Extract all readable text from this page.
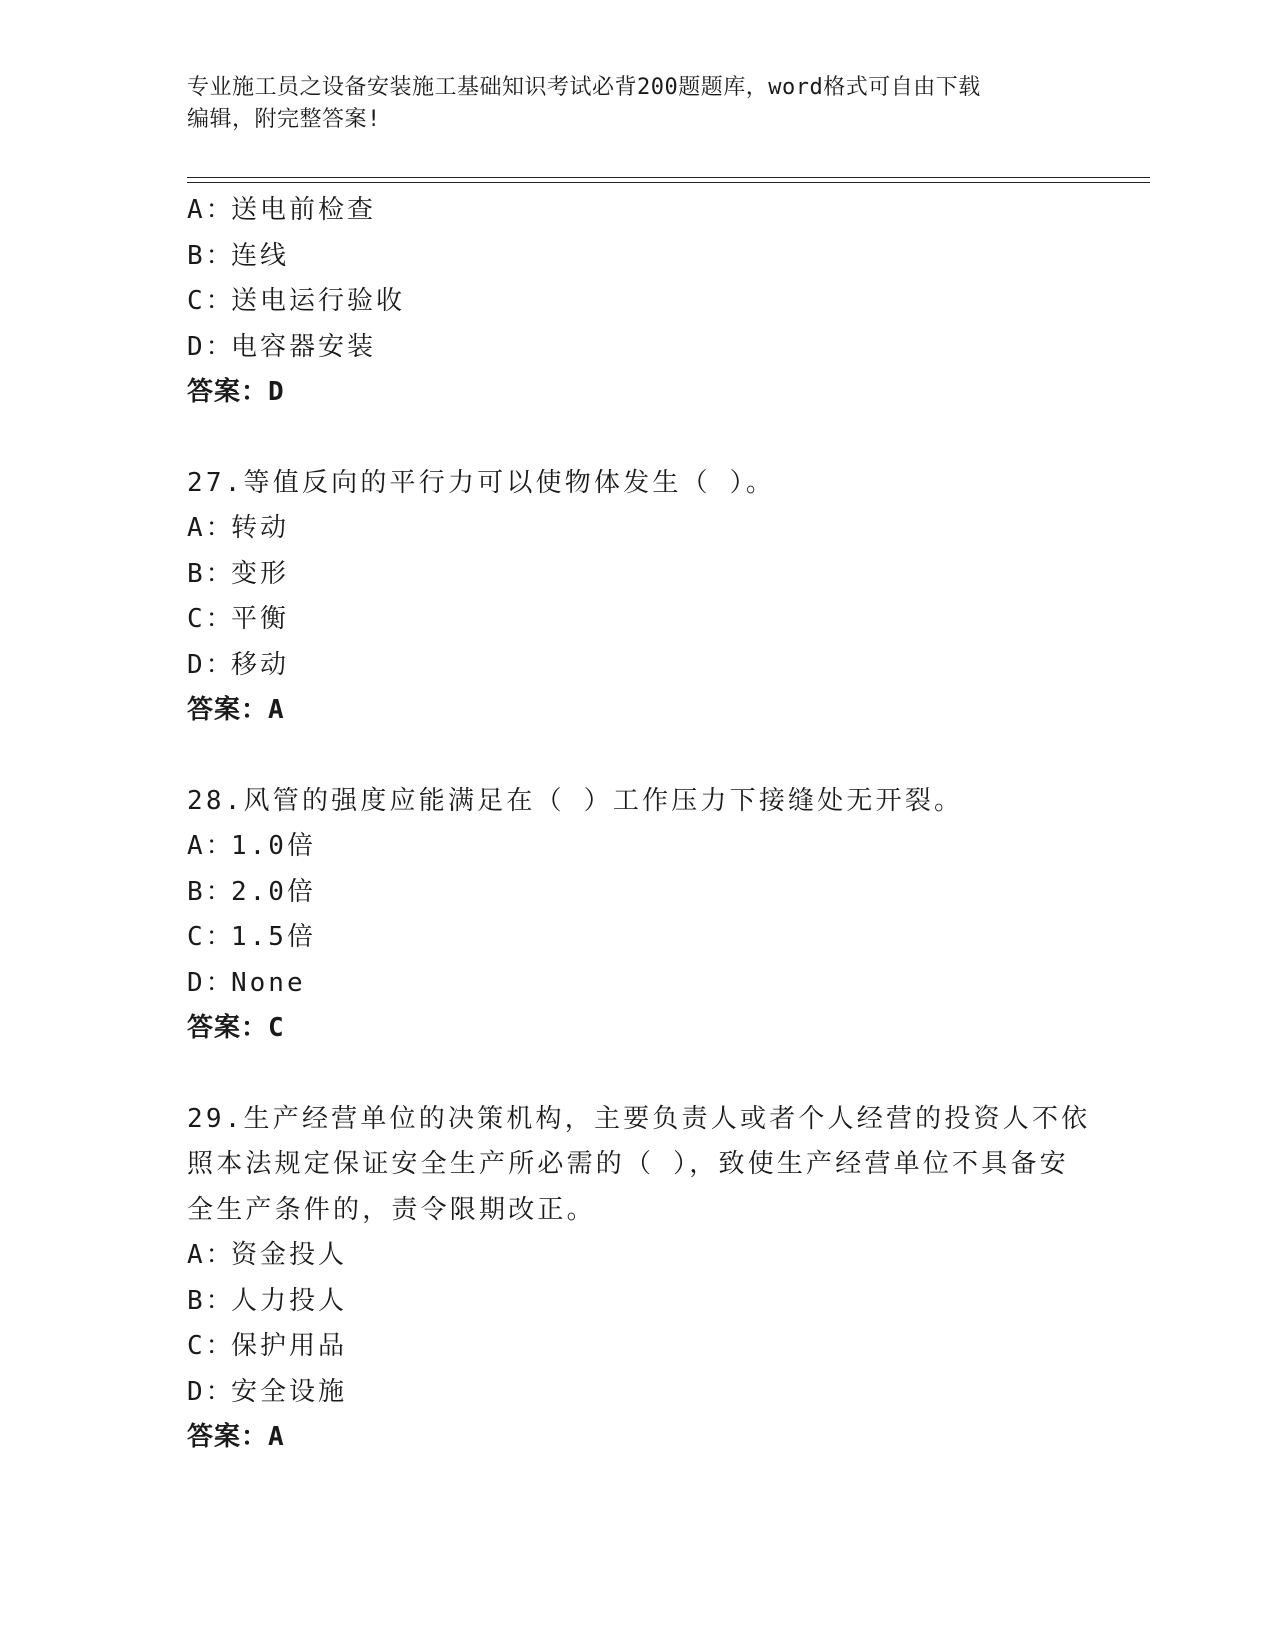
专业施工员之设备安装施工基础知识考试必背200题题库，word格式可自由下载
编辑，附完整答案!
A：送电前检查
B：连线
C：送电运行验收
D：电容器安装
答案：D
27.等值反向的平行力可以使物体发生（ ）。
A：转动
B：变形
C：平衡
D：移动
答案：A
28.风管的强度应能满足在（ ）工作压力下接缝处无开裂。
A：1.0倍
B：2.0倍
C：1.5倍
D：None
答案：C
29.生产经营单位的决策机构，主要负责人或者个人经营的投资人不依
照本法规定保证安全生产所必需的（ ），致使生产经营单位不具备安
全生产条件的，责令限期改正。
A：资金投人
B：人力投人
C：保护用品
D：安全设施
答案：A
